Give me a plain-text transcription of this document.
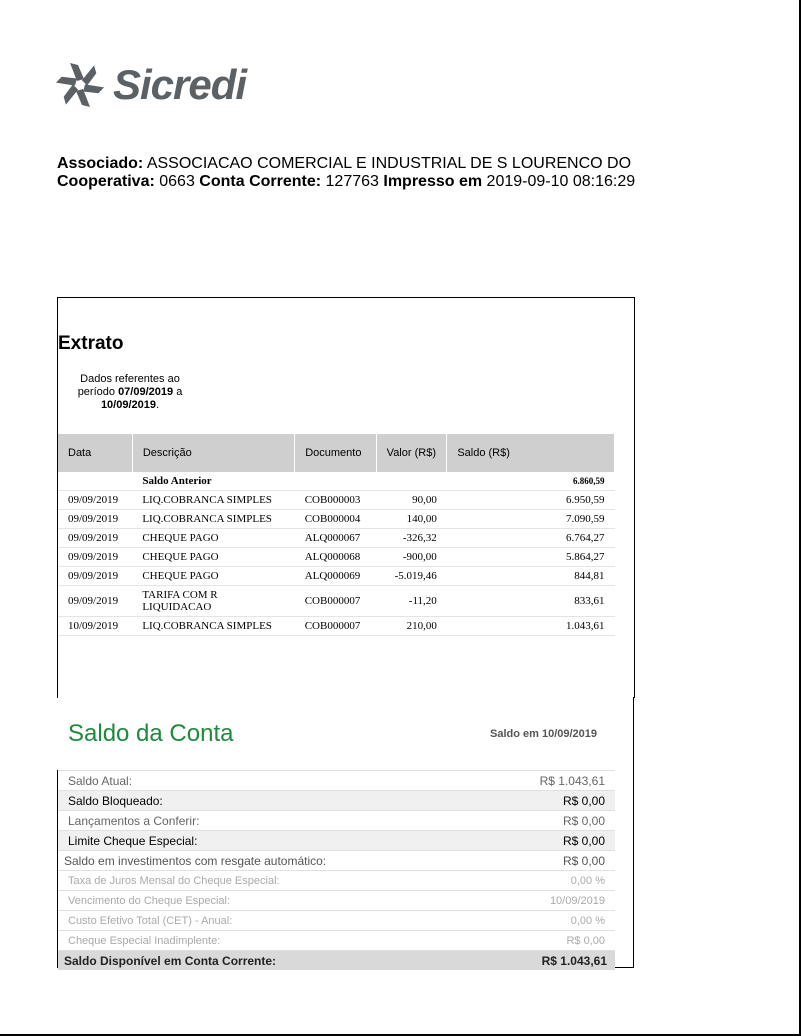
Sicredi
Associado: ASSOCIACAO COMERCIAL E INDUSTRIAL DE S LOURENCO DO
Cooperativa: 0663 Conta Corrente: 127763 Impresso em 2019-09-10 08:16:29
Extrato
Dados referentes ao período 07/09/2019 a
10/09/2019.
Data	Descrição	Documento	Valor (R$)	Saldo (R$)
	Saldo Anterior			6.860,59
09/09/2019	LIQ.COBRANCA SIMPLES	COB000003	90,00	6.950,59
09/09/2019	LIQ.COBRANCA SIMPLES	COB000004	140,00	7.090,59
09/09/2019	CHEQUE PAGO	ALQ000067	-326,32	6.764,27
09/09/2019	CHEQUE PAGO	ALQ000068	-900,00	5.864,27
09/09/2019	CHEQUE PAGO	ALQ000069	-5.019,46	844,81
09/09/2019	TARIFA COM R LIQUIDACAO	COB000007	-11,20	833,61
10/09/2019	LIQ.COBRANCA SIMPLES	COB000007	210,00	1.043,61
Saldo da Conta	Saldo em 10/09/2019
Saldo Atual:	R$ 1.043,61
Saldo Bloqueado:	R$ 0,00
Lançamentos a Conferir:	R$ 0,00
Limite Cheque Especial:	R$ 0,00
Saldo em investimentos com resgate automático:	R$ 0,00
Taxa de Juros Mensal do Cheque Especial:	0,00 %
Vencimento do Cheque Especial:	10/09/2019
Custo Efetivo Total (CET) - Anual:	0,00 %
Cheque Especial Inadimplente:	R$ 0,00
Saldo Disponível em Conta Corrente:	R$ 1.043,61
